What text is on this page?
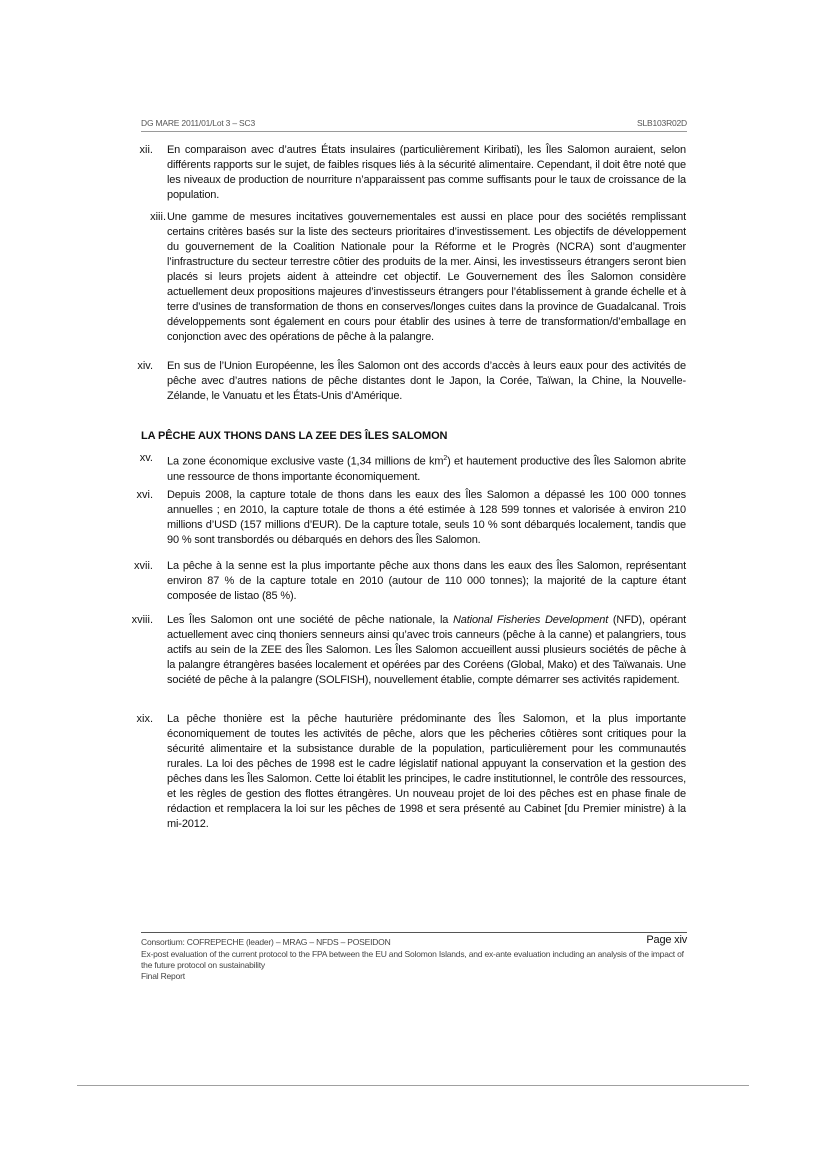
DG MARE 2011/01/Lot 3 – SC3	SLB103R02D
xii. En comparaison avec d’autres États insulaires (particulièrement Kiribati), les Îles Salomon auraient, selon différents rapports sur le sujet, de faibles risques liés à la sécurité alimentaire. Cependant, il doit être noté que les niveaux de production de nourriture n’apparaissent pas comme suffisants pour le taux de croissance de la population.
xiii. Une gamme de mesures incitatives gouvernementales est aussi en place pour des sociétés remplissant certains critères basés sur la liste des secteurs prioritaires d’investissement. Les objectifs de développement du gouvernement de la Coalition Nationale pour la Réforme et le Progrès (NCRA) sont d’augmenter l’infrastructure du secteur terrestre côtier des produits de la mer. Ainsi, les investisseurs étrangers seront bien placés si leurs projets aident à atteindre cet objectif. Le Gouvernement des Îles Salomon considère actuellement deux propositions majeures d’investisseurs étrangers pour l’établissement à grande échelle et à terre d’usines de transformation de thons en conserves/longes cuites dans la province de Guadalcanal. Trois développements sont également en cours pour établir des usines à terre de transformation/d’emballage en conjonction avec des opérations de pêche à la palangre.
xiv. En sus de l’Union Européenne, les Îles Salomon ont des accords d’accès à leurs eaux pour des activités de pêche avec d’autres nations de pêche distantes dont le Japon, la Corée, Taïwan, la Chine, la Nouvelle-Zélande, le Vanuatu et les États-Unis d’Amérique.
LA PÊCHE AUX THONS DANS LA ZEE DES ÎLES SALOMON
xv. La zone économique exclusive vaste (1,34 millions de $km^2$) et hautement productive des Îles Salomon abrite une ressource de thons importante économiquement.
xvi. Depuis 2008, la capture totale de thons dans les eaux des Îles Salomon a dépassé les 100 000 tonnes annuelles ; en 2010, la capture totale de thons a été estimée à 128 599 tonnes et valorisée à environ 210 millions d’USD (157 millions d’EUR). De la capture totale, seuls 10 % sont débarqués localement, tandis que 90 % sont transbordés ou débarqués en dehors des Îles Salomon.
xvii. La pêche à la senne est la plus importante pêche aux thons dans les eaux des Îles Salomon, représentant environ 87 % de la capture totale en 2010 (autour de 110 000 tonnes); la majorité de la capture étant composée de listao (85 %).
xviii. Les Îles Salomon ont une société de pêche nationale, la National Fisheries Development (NFD), opérant actuellement avec cinq thoniers senneurs ainsi qu’avec trois canneurs (pêche à la canne) et palangriers, tous actifs au sein de la ZEE des Îles Salomon. Les Îles Salomon accueillent aussi plusieurs sociétés de pêche à la palangre étrangères basées localement et opérées par des Coréens (Global, Mako) et des Taïwanais. Une société de pêche à la palangre (SOLFISH), nouvellement établie, compte démarrer ses activités rapidement.
xix. La pêche thonière est la pêche hauturière prédominante des Îles Salomon, et la plus importante économiquement de toutes les activités de pêche, alors que les pêcheries côtières sont critiques pour la sécurité alimentaire et la subsistance durable de la population, particulièrement pour les communautés rurales. La loi des pêches de 1998 est le cadre législatif national appuyant la conservation et la gestion des pêches dans les Îles Salomon. Cette loi établit les principes, le cadre institutionnel, le contrôle des ressources, et les règles de gestion des flottes étrangères. Un nouveau projet de loi des pêches est en phase finale de rédaction et remplacera la loi sur les pêches de 1998 et sera présenté au Cabinet [du Premier ministre) à la mi-2012.
Consortium: COFREPECHE (leader) – MRAG – NFDS – POSEIDON	Page xiv
Ex-post evaluation of the current protocol to the FPA between the EU and Solomon Islands, and ex-ante evaluation including an analysis of the impact of the future protocol on sustainability
Final Report
